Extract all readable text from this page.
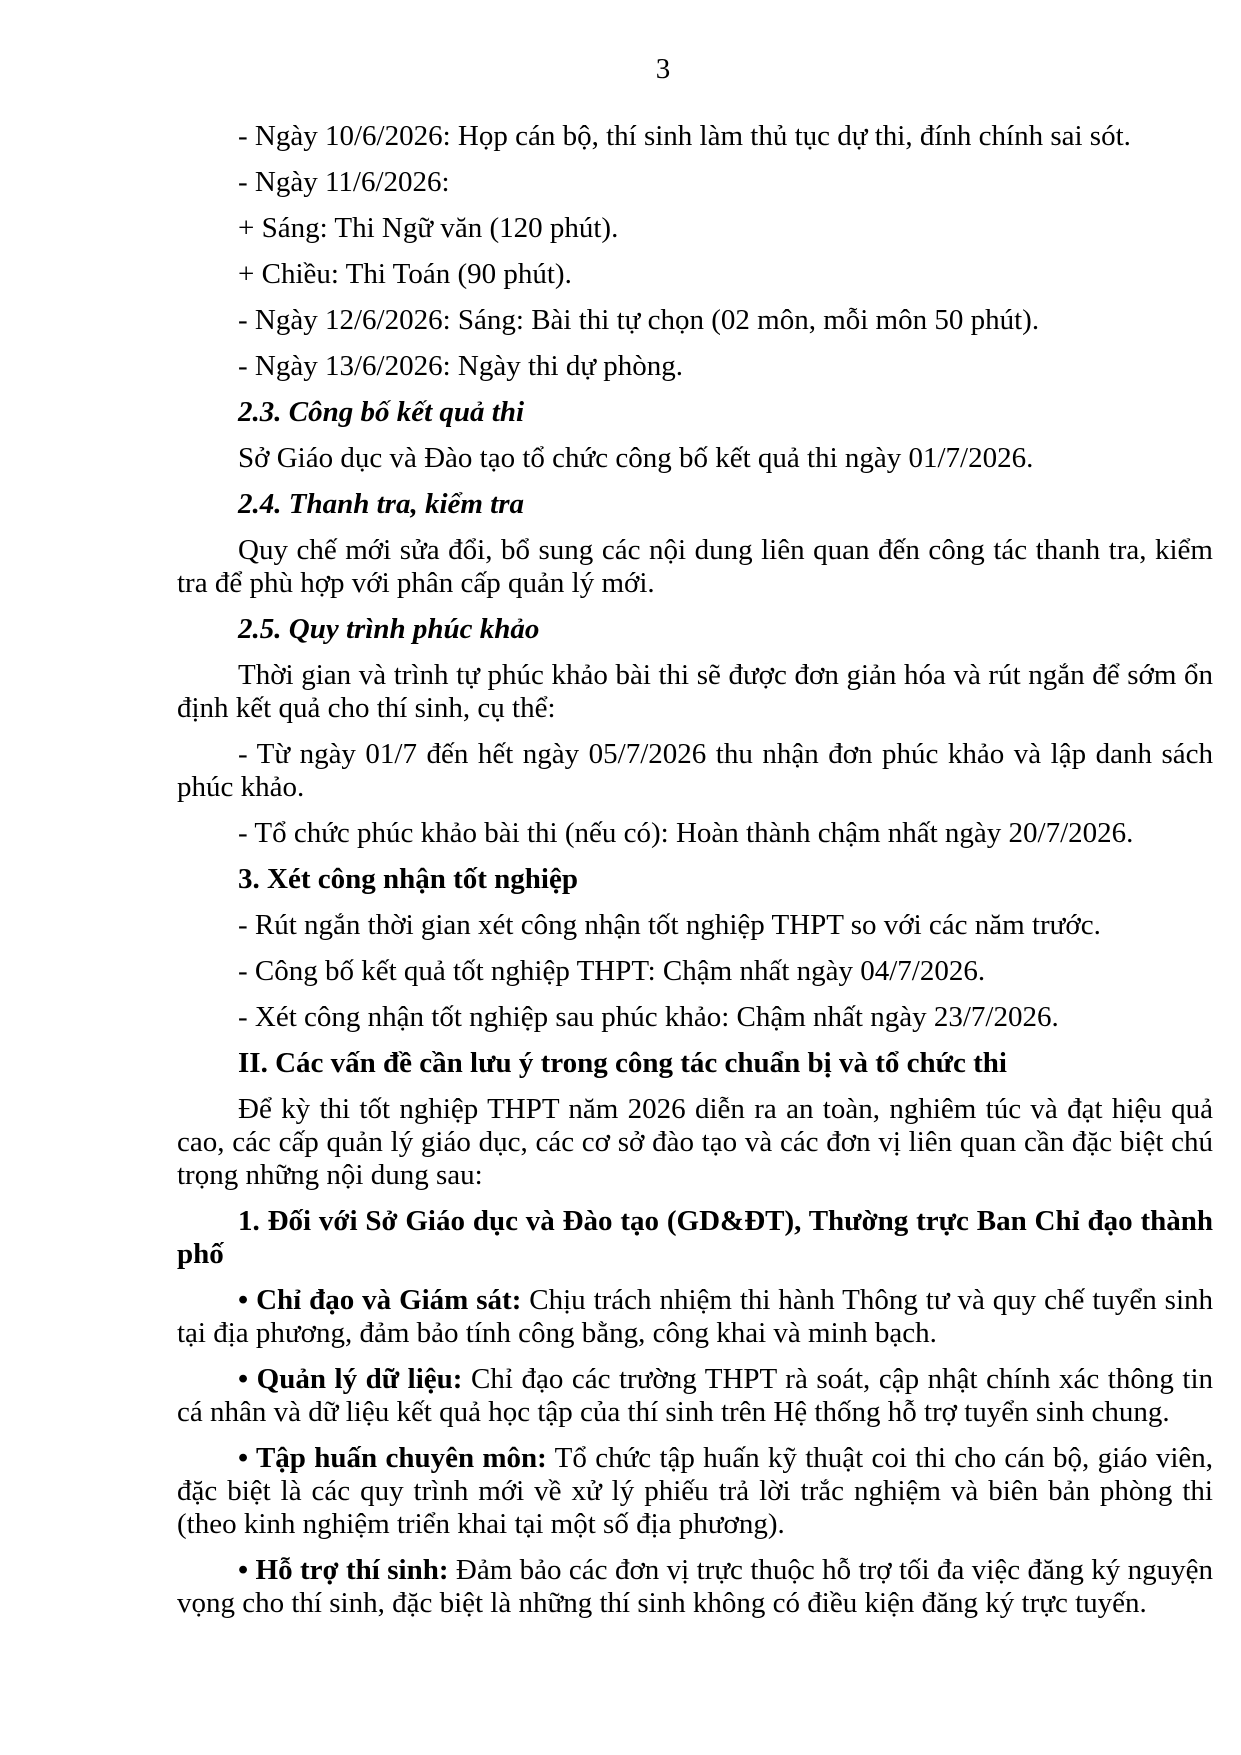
3

- Ngày 10/6/2026: Họp cán bộ, thí sinh làm thủ tục dự thi, đính chính sai sót.

- Ngày 11/6/2026:

+ Sáng: Thi Ngữ văn (120 phút).

+ Chiều: Thi Toán (90 phút).

- Ngày 12/6/2026: Sáng: Bài thi tự chọn (02 môn, mỗi môn 50 phút).

- Ngày 13/6/2026: Ngày thi dự phòng.

2.3. Công bố kết quả thi

Sở Giáo dục và Đào tạo tổ chức công bố kết quả thi ngày 01/7/2026.

2.4. Thanh tra, kiểm tra

Quy chế mới sửa đổi, bổ sung các nội dung liên quan đến công tác thanh tra, kiểm tra để phù hợp với phân cấp quản lý mới.

2.5. Quy trình phúc khảo

Thời gian và trình tự phúc khảo bài thi sẽ được đơn giản hóa và rút ngắn để sớm ổn định kết quả cho thí sinh, cụ thể:

- Từ ngày 01/7 đến hết ngày 05/7/2026 thu nhận đơn phúc khảo và lập danh sách phúc khảo.

- Tổ chức phúc khảo bài thi (nếu có): Hoàn thành chậm nhất ngày 20/7/2026.

3. Xét công nhận tốt nghiệp

- Rút ngắn thời gian xét công nhận tốt nghiệp THPT so với các năm trước.

- Công bố kết quả tốt nghiệp THPT: Chậm nhất ngày 04/7/2026.

- Xét công nhận tốt nghiệp sau phúc khảo: Chậm nhất ngày 23/7/2026.

II. Các vấn đề cần lưu ý trong công tác chuẩn bị và tổ chức thi

Để kỳ thi tốt nghiệp THPT năm 2026 diễn ra an toàn, nghiêm túc và đạt hiệu quả cao, các cấp quản lý giáo dục, các cơ sở đào tạo và các đơn vị liên quan cần đặc biệt chú trọng những nội dung sau:

1. Đối với Sở Giáo dục và Đào tạo (GD&ĐT), Thường trực Ban Chỉ đạo thành phố

• Chỉ đạo và Giám sát: Chịu trách nhiệm thi hành Thông tư và quy chế tuyển sinh tại địa phương, đảm bảo tính công bằng, công khai và minh bạch.

• Quản lý dữ liệu: Chỉ đạo các trường THPT rà soát, cập nhật chính xác thông tin cá nhân và dữ liệu kết quả học tập của thí sinh trên Hệ thống hỗ trợ tuyển sinh chung.

• Tập huấn chuyên môn: Tổ chức tập huấn kỹ thuật coi thi cho cán bộ, giáo viên, đặc biệt là các quy trình mới về xử lý phiếu trả lời trắc nghiệm và biên bản phòng thi (theo kinh nghiệm triển khai tại một số địa phương).

• Hỗ trợ thí sinh: Đảm bảo các đơn vị trực thuộc hỗ trợ tối đa việc đăng ký nguyện vọng cho thí sinh, đặc biệt là những thí sinh không có điều kiện đăng ký trực tuyến.
